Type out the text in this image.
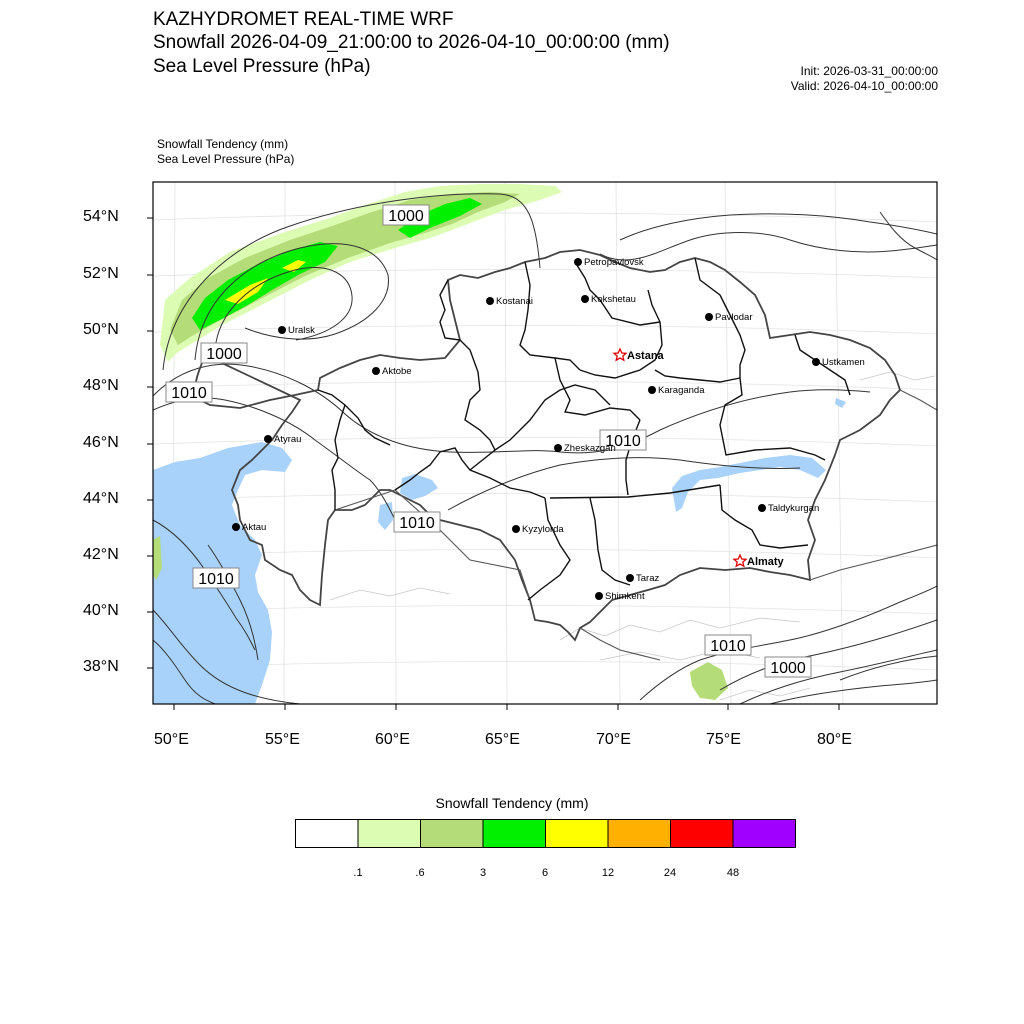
KAZHYDROMET REAL-TIME WRF
Snowfall 2026-04-09_21:00:00 to 2026-04-10_00:00:00 (mm)
Sea Level Pressure (hPa)	Init: 2026-03-31_00:00:00
Valid: 2026-04-10_00:00:00
Snowfall Tendency (mm)
Sea Level Pressure (hPa)
1000
1000
1010
1010
1010
1010
1010
1000
Petropavlovsk
Kostanai	Kokshetau
Pavlodar
Uralsk
Astana
Aktobe
Ustkamen
Karaganda
Atyrau
Zheskazgan
Taldykurgan
Aktau	Kyzylorda
Almaty
Taraz
Shimkent
54°N
52°N
50°N
48°N
46°N
44°N
42°N
40°N
38°N
50°E	55°E	60°E	65°E	70°E	75°E	80°E
Snowfall Tendency (mm)
.1	.6	3	6	12	24	48
